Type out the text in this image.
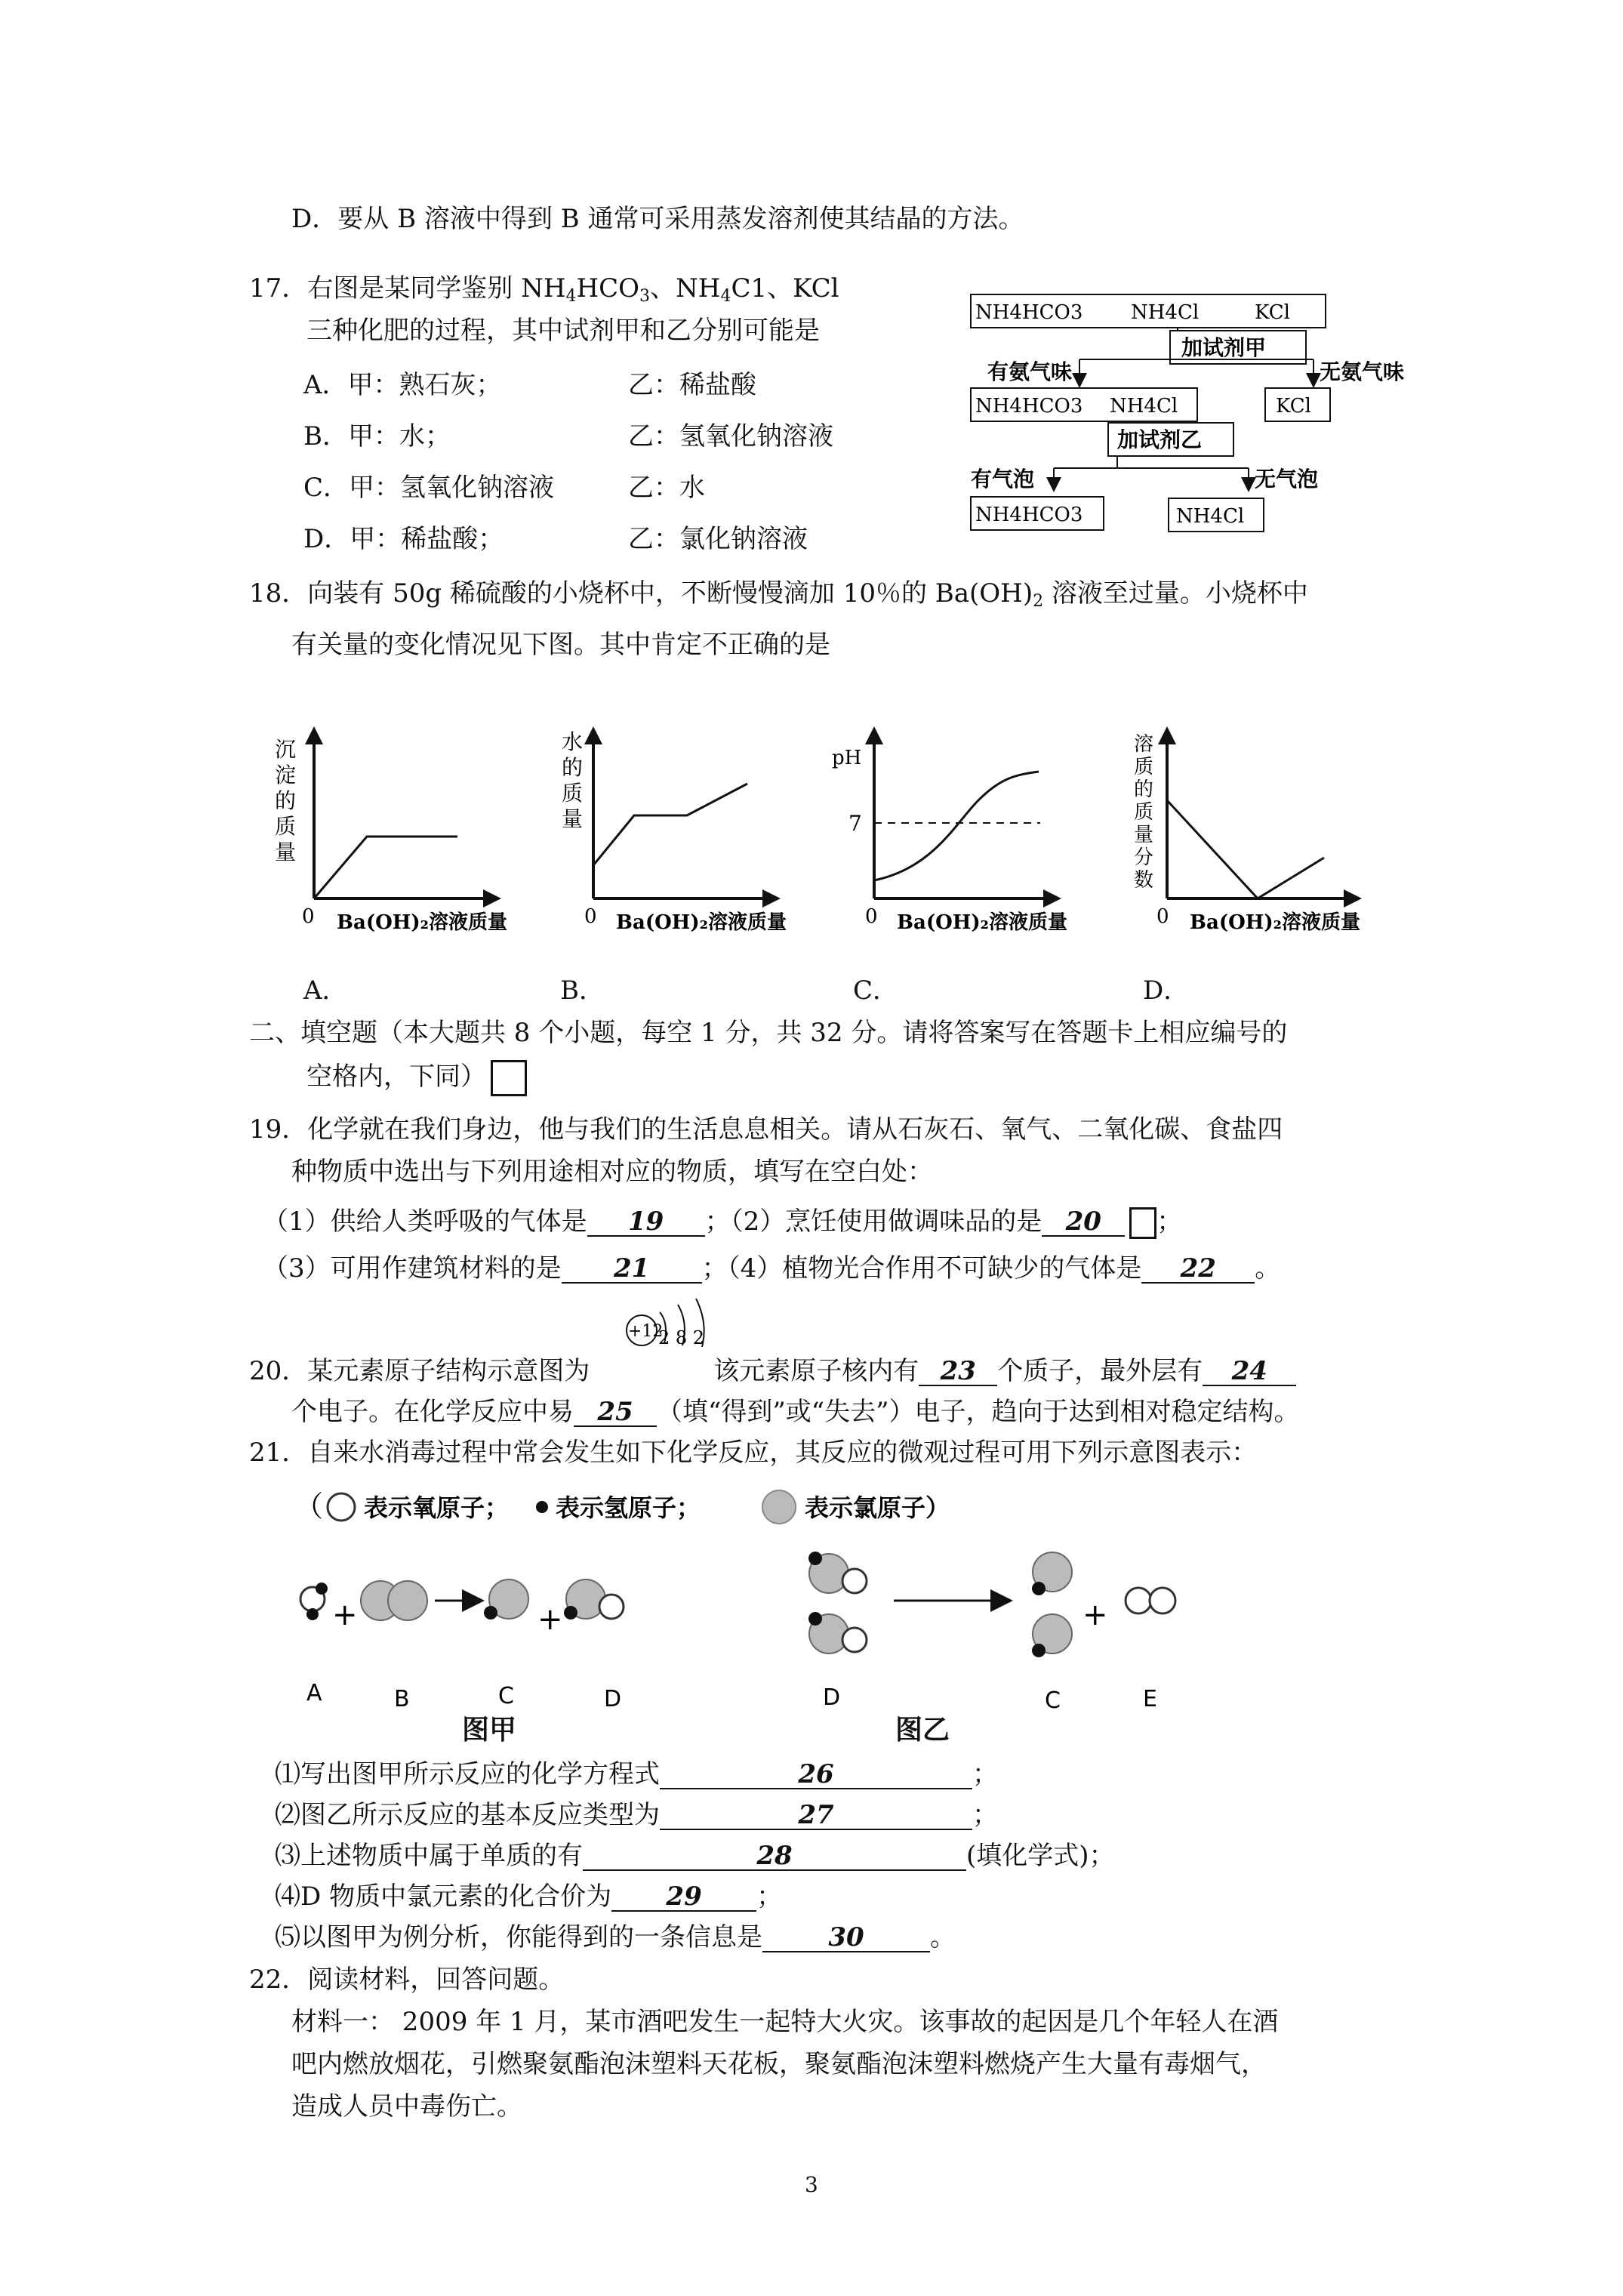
D．要从 B 溶液中得到 B 通常可采用蒸发溶剂使其结晶的方法。
17．右图是某同学鉴别 $NH_4HCO_3$、$NH_4C1$、KCl
三种化肥的过程，其中试剂甲和乙分别可能是
A．甲：熟石灰；	乙：稀盐酸
B．甲：水；	乙：氢氧化钠溶液
C．甲：氢氧化钠溶液	乙：水
D．甲：稀盐酸；	乙：氯化钠溶液
NH4HCO3 NH4Cl	KCl
加试剂甲
有氨气味	无氨气味
NH4HCO3 NH4Cl	KCl
加试剂乙
有气泡	无气泡
NH4HCO3	NH4Cl
18．向装有 50g 稀硫酸的小烧杯中，不断慢慢滴加 10％的 $Ba(OH)_2$ 溶液至过量。小烧杯中
有关量的变化情况见下图。其中肯定不正确的是
沉
淀
的
质
量
0 Ba(OH)₂溶液质量
水
的
质
量
0 Ba(OH)₂溶液质量
pH
7
0 Ba(OH)₂溶液质量
溶
质
的
质
量
分
数
0 Ba(OH)₂溶液质量
A．	B．	C．	D．
二、填空题（本大题共 8 个小题，每空 1 分，共 32 分。请将答案写在答题卡上相应编号的
空格内，下同）
19．化学就在我们身边，他与我们的生活息息相关。请从石灰石、氧气、二氧化碳、食盐四
种物质中选出与下列用途相对应的物质，填写在空白处：
（1）供给人类呼吸的气体是 19 ；（2）烹饪使用做调味品的是 20 ；
（3）可用作建筑材料的是 21 ；（4）植物光合作用不可缺少的气体是 22 。
+12
2 8 2
20．某元素原子结构示意图为	该元素原子核内有 23 个质子，最外层有 24
个电子。在化学反应中易 25 （填“得到”或“失去”）电子，趋向于达到相对稳定结构。
21．自来水消毒过程中常会发生如下化学反应，其反应的微观过程可用下列示意图表示：
（ 表示氧原子； 表示氢原子；	表示氯原子）
+	+
A	B	C	D
+
D	C	E
图甲	图乙
⑴写出图甲所示反应的化学方程式	26	；
⑵图乙所示反应的基本反应类型为	27	；
⑶上述物质中属于单质的有	28	(填化学式)；
⑷D 物质中氯元素的化合价为 29 ；
⑸以图甲为例分析，你能得到的一条信息是	30	。
22．阅读材料，回答问题。
材料一： 2009 年 1 月，某市酒吧发生一起特大火灾。该事故的起因是几个年轻人在酒
吧内燃放烟花，引燃聚氨酯泡沫塑料天花板，聚氨酯泡沫塑料燃烧产生大量有毒烟气，
造成人员中毒伤亡。
3
